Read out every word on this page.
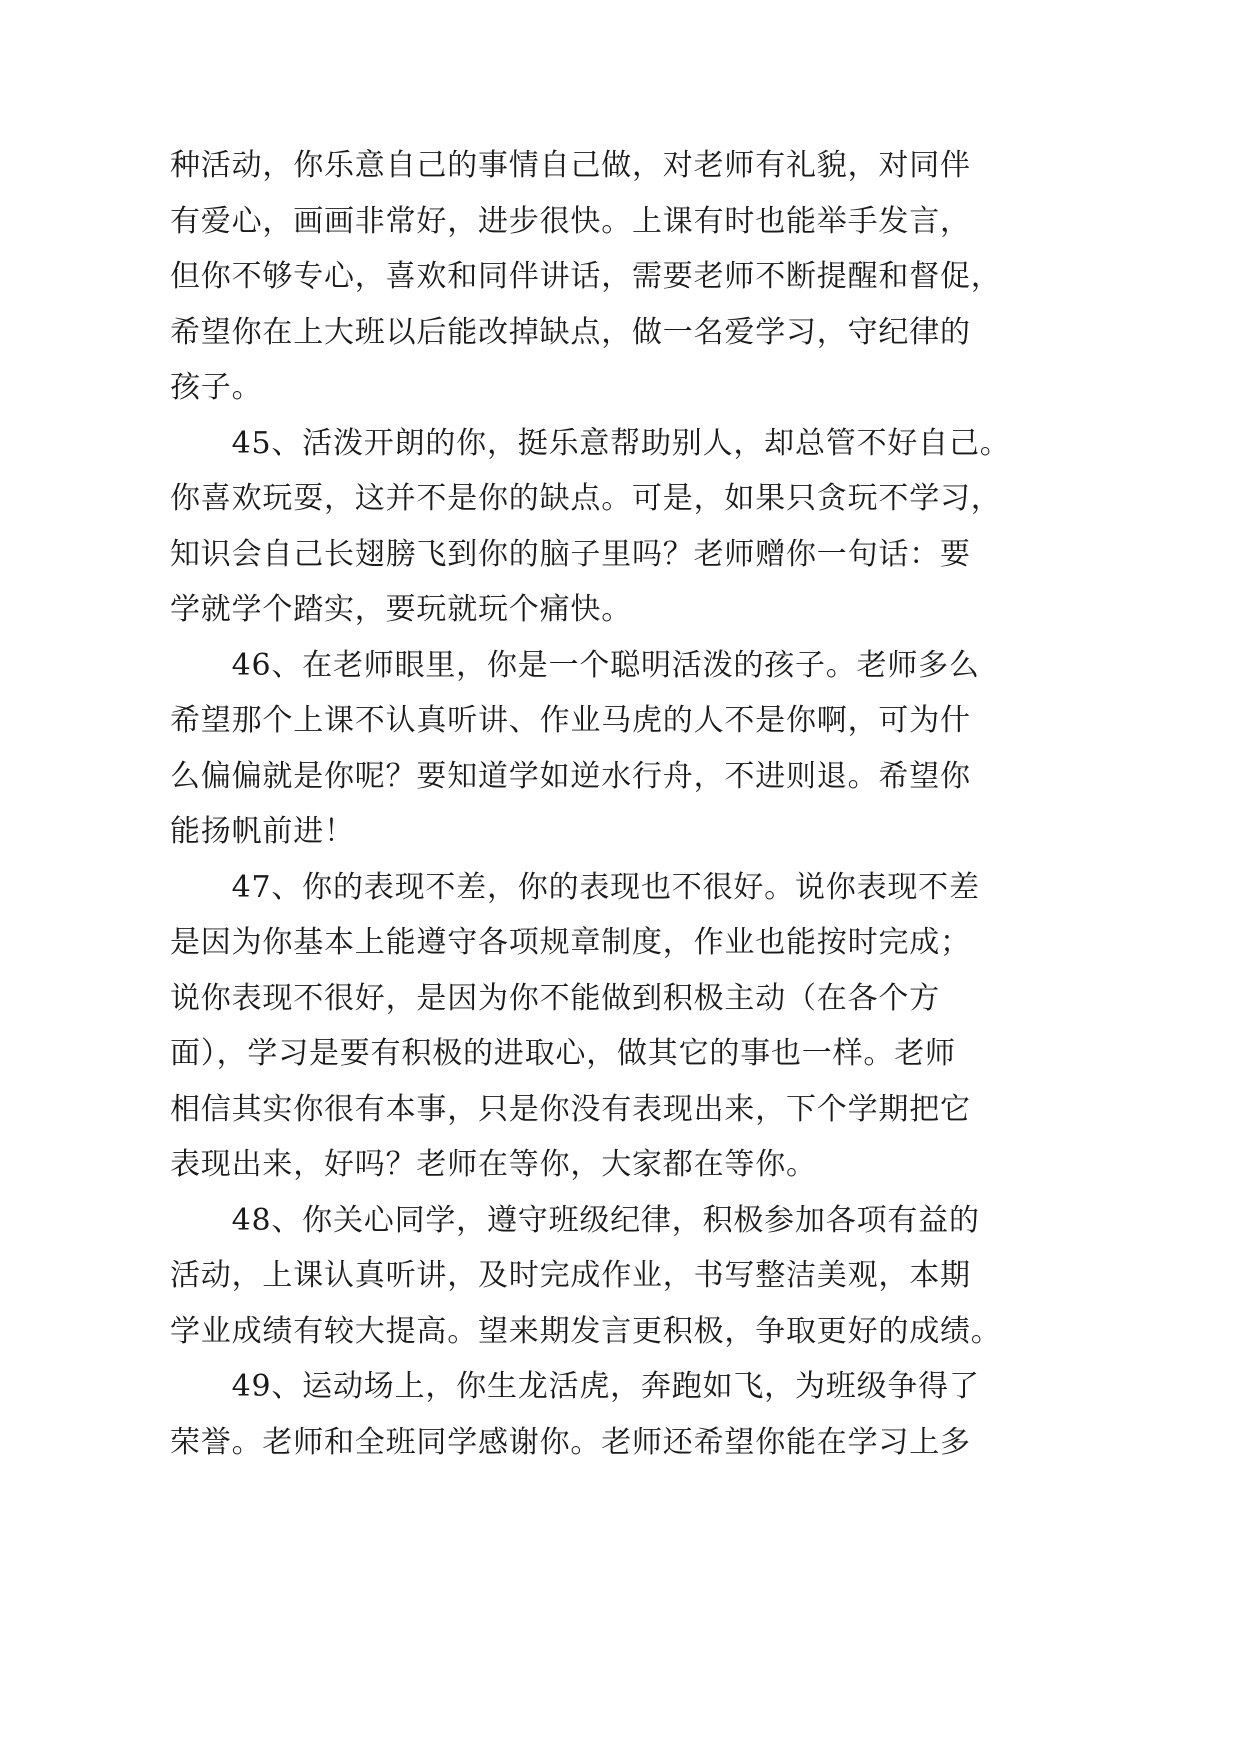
种活动，你乐意自己的事情自己做，对老师有礼貌，对同伴
有爱心，画画非常好，进步很快。上课有时也能举手发言，
但你不够专心，喜欢和同伴讲话，需要老师不断提醒和督促，
希望你在上大班以后能改掉缺点，做一名爱学习，守纪律的
孩子。
　　45、活泼开朗的你，挺乐意帮助别人，却总管不好自己。
你喜欢玩耍，这并不是你的缺点。可是，如果只贪玩不学习，
知识会自己长翅膀飞到你的脑子里吗？老师赠你一句话：要
学就学个踏实，要玩就玩个痛快。
　　46、在老师眼里，你是一个聪明活泼的孩子。老师多么
希望那个上课不认真听讲、作业马虎的人不是你啊，可为什
么偏偏就是你呢？要知道学如逆水行舟，不进则退。希望你
能扬帆前进！
　　47、你的表现不差，你的表现也不很好。说你表现不差
是因为你基本上能遵守各项规章制度，作业也能按时完成；
说你表现不很好，是因为你不能做到积极主动（在各个方
面），学习是要有积极的进取心，做其它的事也一样。老师
相信其实你很有本事，只是你没有表现出来，下个学期把它
表现出来，好吗？老师在等你，大家都在等你。
　　48、你关心同学，遵守班级纪律，积极参加各项有益的
活动，上课认真听讲，及时完成作业，书写整洁美观，本期
学业成绩有较大提高。望来期发言更积极，争取更好的成绩。
　　49、运动场上，你生龙活虎，奔跑如飞，为班级争得了
荣誉。老师和全班同学感谢你。老师还希望你能在学习上多
